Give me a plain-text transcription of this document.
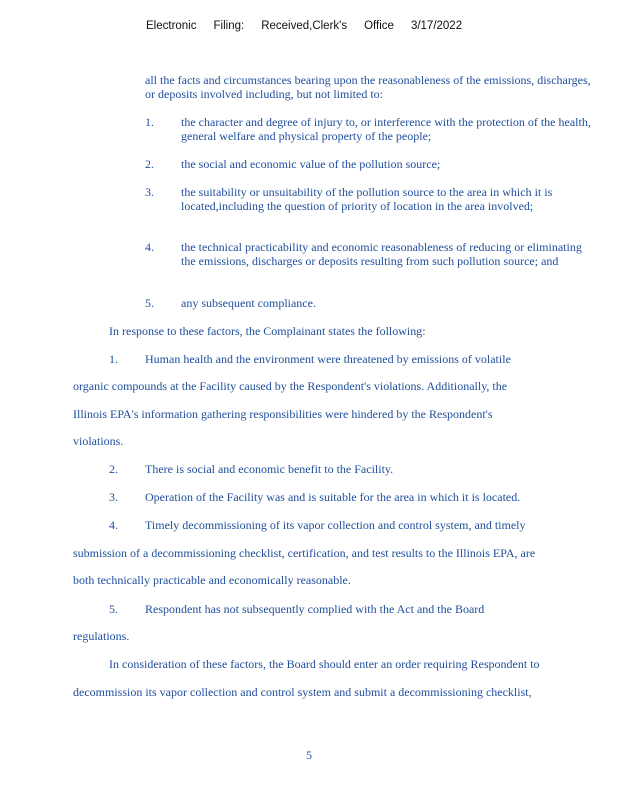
Electronic Filing: Received,Clerk's Office 3/17/2022
all the facts and circumstances bearing upon the reasonableness of the emissions, discharges, or deposits involved including, but not limited to:
1. the character and degree of injury to, or interference with the protection of the health, general welfare and physical property of the people;
2. the social and economic value of the pollution source;
3. the suitability or unsuitability of the pollution source to the area in which it is located,including the question of priority of location in the area involved;
4. the technical practicability and economic reasonableness of reducing or eliminating the emissions, discharges or deposits resulting from such pollution source; and
5. any subsequent compliance.
In response to these factors, the Complainant states the following:
1. Human health and the environment were threatened by emissions of volatile
organic compounds at the Facility caused by the Respondent's violations. Additionally, the
Illinois EPA's information gathering responsibilities were hindered by the Respondent's
violations.
2. There is social and economic benefit to the Facility.
3. Operation of the Facility was and is suitable for the area in which it is located.
4. Timely decommissioning of its vapor collection and control system, and timely
submission of a decommissioning checklist, certification, and test results to the Illinois EPA, are
both technically practicable and economically reasonable.
5. Respondent has not subsequently complied with the Act and the Board
regulations.
In consideration of these factors, the Board should enter an order requiring Respondent to
decommission its vapor collection and control system and submit a decommissioning checklist,
5
